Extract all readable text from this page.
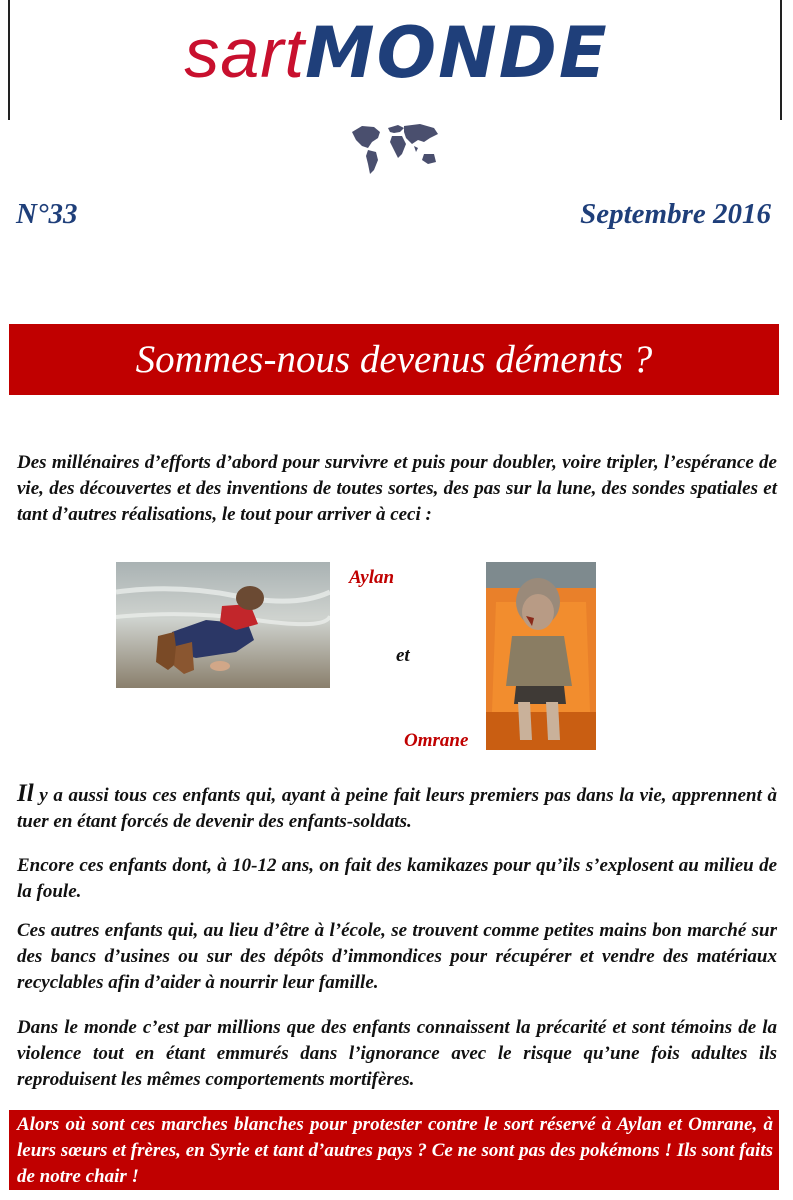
sartMONDE
N°33	Septembre 2016
Sommes-nous devenus déments ?
Des millénaires d’efforts d’abord pour survivre et puis pour doubler, voire tripler, l’espérance de vie, des découvertes et des inventions de toutes sortes, des pas sur la lune, des sondes spatiales et tant d’autres réalisations, le tout pour arriver à ceci :
Aylan
et
Omrane
Il y a aussi tous ces enfants qui, ayant à peine fait leurs premiers pas dans la vie, apprennent à tuer en étant forcés de devenir des enfants-soldats.
Encore ces enfants dont, à 10-12 ans, on fait des kamikazes pour qu’ils s’explosent au milieu de la foule.
Ces autres enfants qui, au lieu d’être à l’école, se trouvent comme petites mains bon marché sur des bancs d’usines ou sur des dépôts d’immondices pour récupérer et vendre des matériaux recyclables afin d’aider à nourrir leur famille.
Dans le monde c’est par millions que des enfants connaissent la précarité et sont témoins de la violence tout en étant emmurés dans l’ignorance avec le risque qu’une fois adultes ils reproduisent les mêmes comportements mortifères.
Alors où sont ces marches blanches pour protester contre le sort réservé à Aylan et Omrane, à leurs sœurs et frères, en Syrie et tant d’autres pays ? Ce ne sont pas des pokémons ! Ils sont faits de notre chair !
